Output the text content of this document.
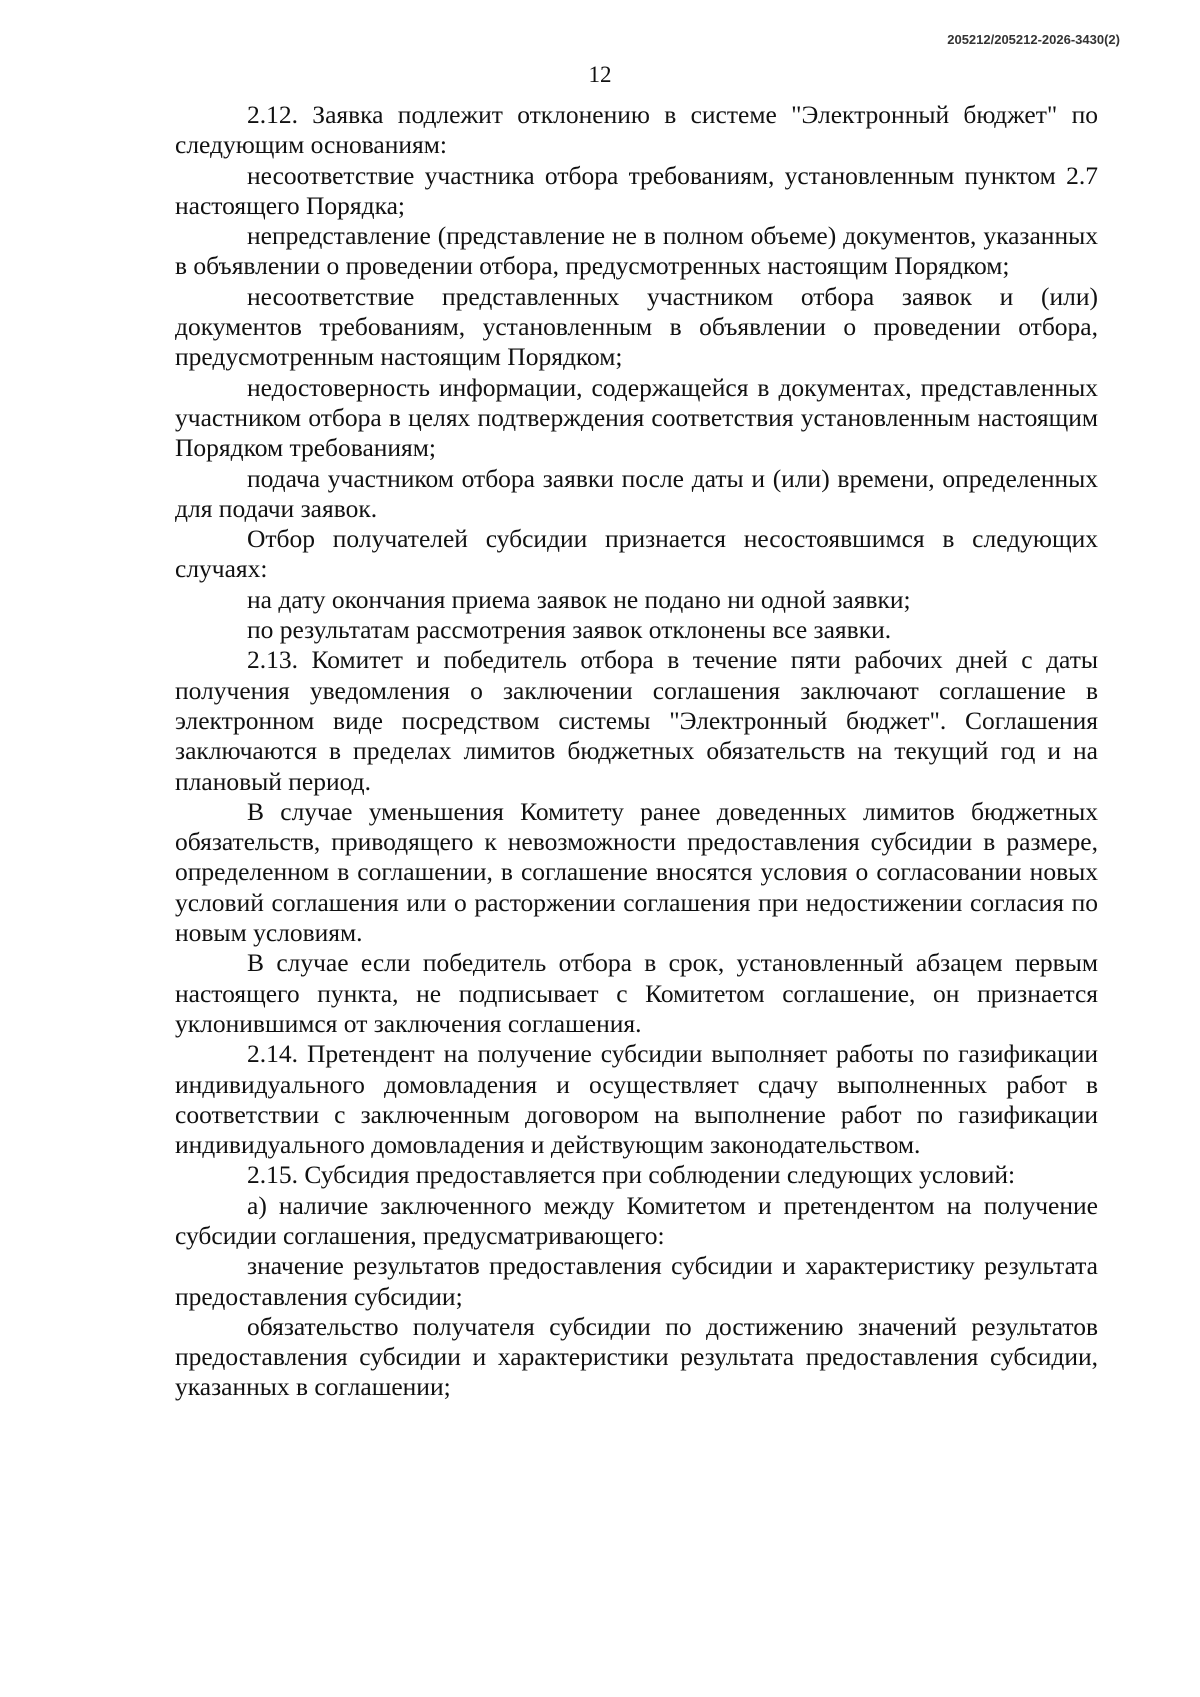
205212/205212-2026-3430(2)
12

2.12. Заявка подлежит отклонению в системе "Электронный бюджет" по следующим основаниям:

несоответствие участника отбора требованиям, установленным пунктом 2.7 настоящего Порядка;

непредставление (представление не в полном объеме) документов, указанных в объявлении о проведении отбора, предусмотренных настоящим Порядком;

несоответствие представленных участником отбора заявок и (или) документов требованиям, установленным в объявлении о проведении отбора, предусмотренным настоящим Порядком;

недостоверность информации, содержащейся в документах, представленных участником отбора в целях подтверждения соответствия установленным настоящим Порядком требованиям;

подача участником отбора заявки после даты и (или) времени, определенных для подачи заявок.

Отбор получателей субсидии признается несостоявшимся в следующих случаях:

на дату окончания приема заявок не подано ни одной заявки;

по результатам рассмотрения заявок отклонены все заявки.

2.13. Комитет и победитель отбора в течение пяти рабочих дней с даты получения уведомления о заключении соглашения заключают соглашение в электронном виде посредством системы "Электронный бюджет". Соглашения заключаются в пределах лимитов бюджетных обязательств на текущий год и на плановый период.

В случае уменьшения Комитету ранее доведенных лимитов бюджетных обязательств, приводящего к невозможности предоставления субсидии в размере, определенном в соглашении, в соглашение вносятся условия о согласовании новых условий соглашения или о расторжении соглашения при недостижении согласия по новым условиям.

В случае если победитель отбора в срок, установленный абзацем первым настоящего пункта, не подписывает с Комитетом соглашение, он признается уклонившимся от заключения соглашения.

2.14. Претендент на получение субсидии выполняет работы по газификации индивидуального домовладения и осуществляет сдачу выполненных работ в соответствии с заключенным договором на выполнение работ по газификации индивидуального домовладения и действующим законодательством.

2.15. Субсидия предоставляется при соблюдении следующих условий:

а) наличие заключенного между Комитетом и претендентом на получение субсидии соглашения, предусматривающего:

значение результатов предоставления субсидии и характеристику результата предоставления субсидии;

обязательство получателя субсидии по достижению значений результатов предоставления субсидии и характеристики результата предоставления субсидии, указанных в соглашении;
